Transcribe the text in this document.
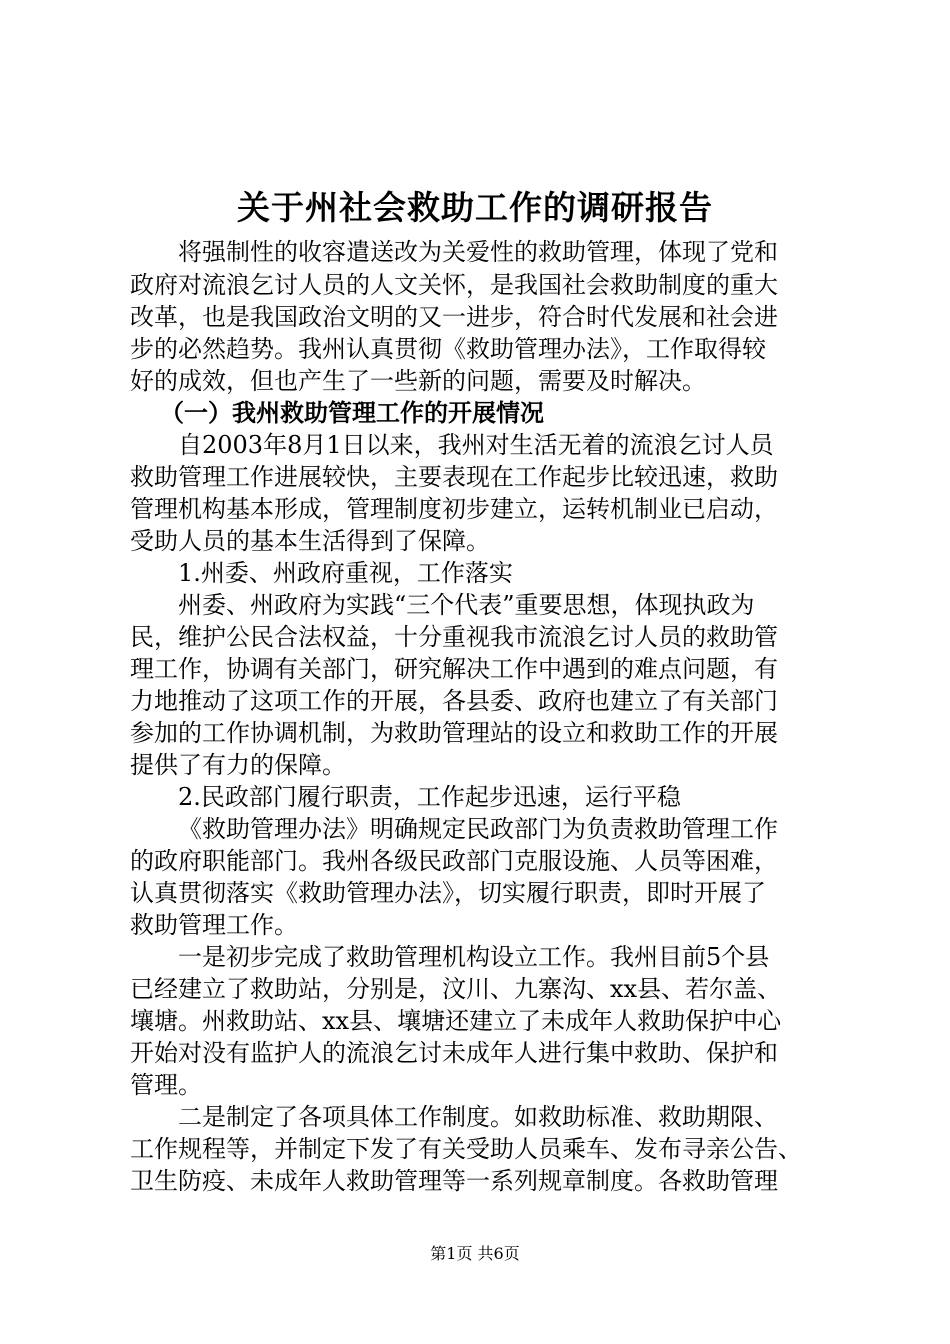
关于州社会救助工作的调研报告
将强制性的收容遣送改为关爱性的救助管理，体现了党和
政府对流浪乞讨人员的人文关怀，是我国社会救助制度的重大
改革，也是我国政治文明的又一进步，符合时代发展和社会进
步的必然趋势。我州认真贯彻《救助管理办法》，工作取得较
好的成效，但也产生了一些新的问题，需要及时解决。
（一）我州救助管理工作的开展情况
自2003年8月1日以来，我州对生活无着的流浪乞讨人员
救助管理工作进展较快，主要表现在工作起步比较迅速，救助
管理机构基本形成，管理制度初步建立，运转机制业已启动，
受助人员的基本生活得到了保障。
1.州委、州政府重视，工作落实
州委、州政府为实践“三个代表”重要思想，体现执政为
民，维护公民合法权益，十分重视我市流浪乞讨人员的救助管
理工作，协调有关部门，研究解决工作中遇到的难点问题，有
力地推动了这项工作的开展，各县委、政府也建立了有关部门
参加的工作协调机制，为救助管理站的设立和救助工作的开展
提供了有力的保障。
2.民政部门履行职责，工作起步迅速，运行平稳
《救助管理办法》明确规定民政部门为负责救助管理工作
的政府职能部门。我州各级民政部门克服设施、人员等困难，
认真贯彻落实《救助管理办法》，切实履行职责，即时开展了
救助管理工作。
一是初步完成了救助管理机构设立工作。我州目前5个县
已经建立了救助站，分别是，汶川、九寨沟、xx县、若尔盖、
壤塘。州救助站、xx县、壤塘还建立了未成年人救助保护中心
开始对没有监护人的流浪乞讨未成年人进行集中救助、保护和
管理。
二是制定了各项具体工作制度。如救助标准、救助期限、
工作规程等，并制定下发了有关受助人员乘车、发布寻亲公告、
卫生防疫、未成年人救助管理等一系列规章制度。各救助管理
第1页 共6页
